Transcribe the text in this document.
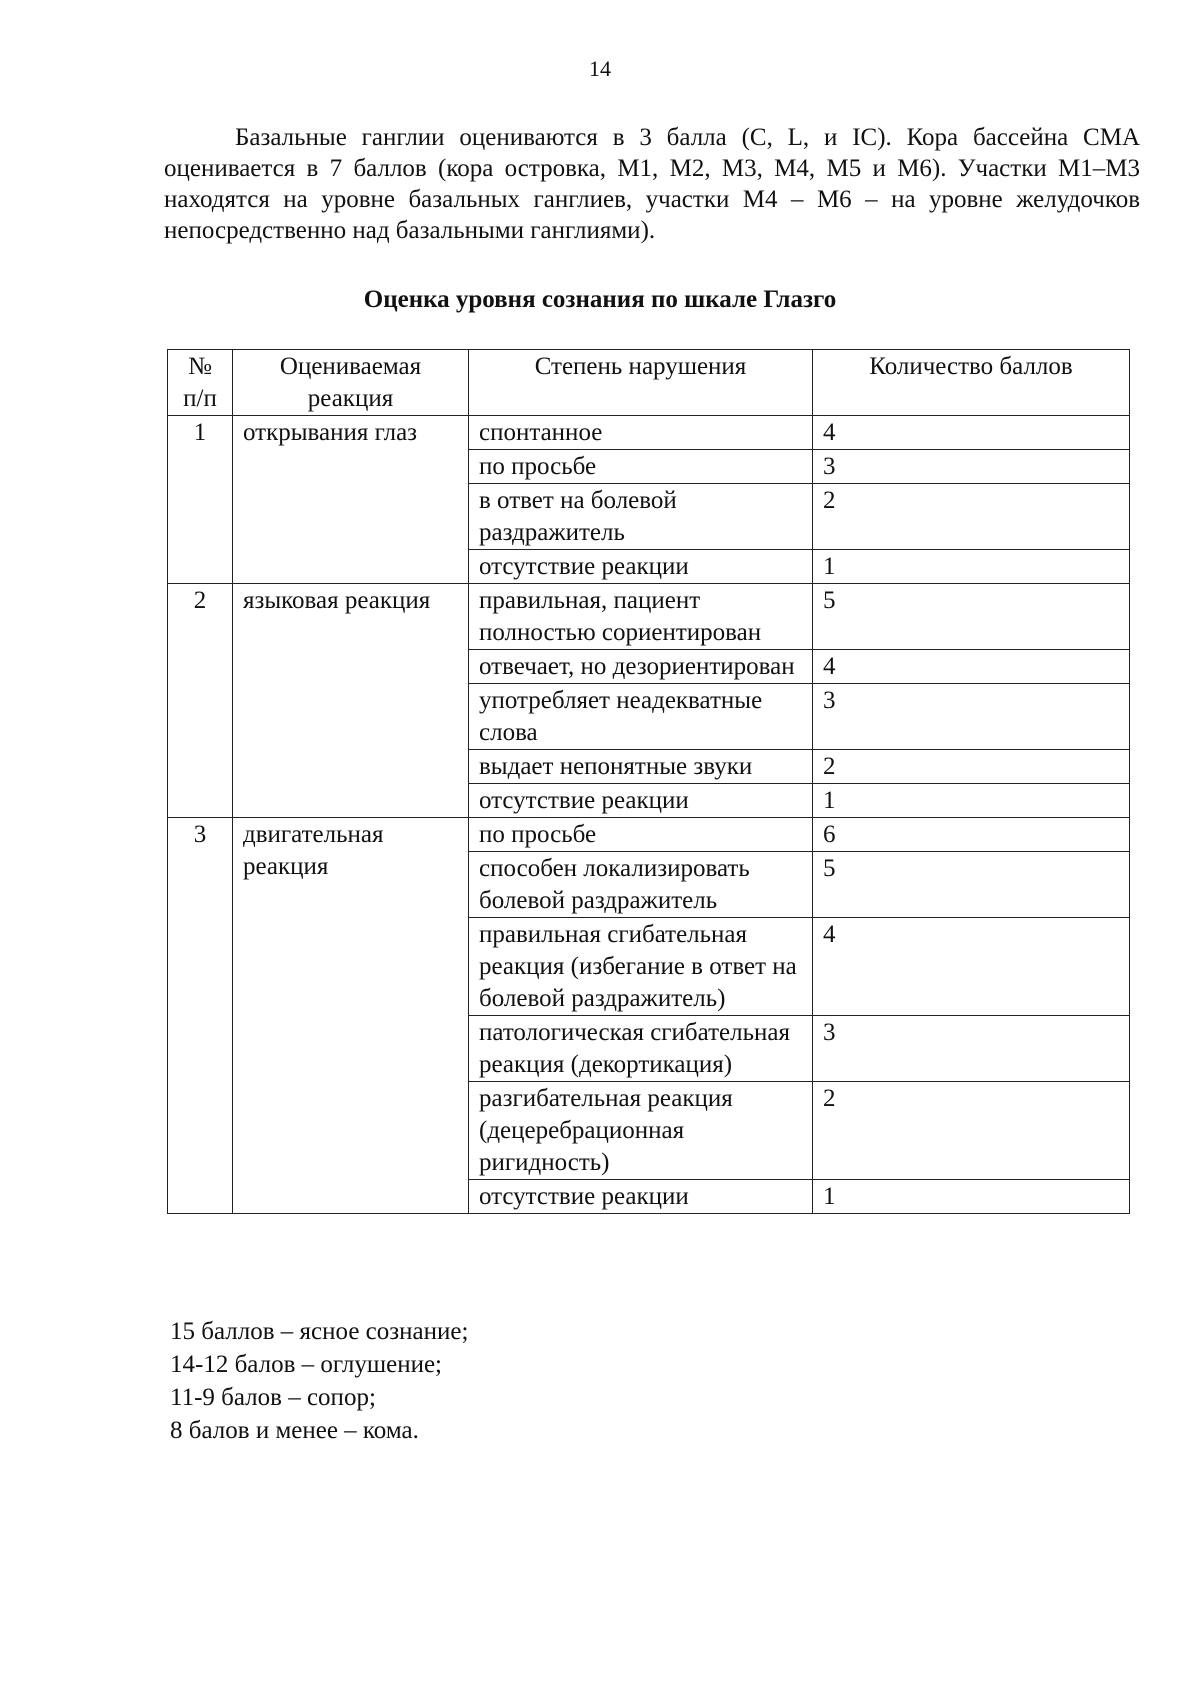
14

Базальные ганглии оцениваются в 3 балла (C, L, и IC). Кора бассейна СМА оценивается в 7 баллов (кора островка, M1, M2, M3, M4, M5 и M6). Участки M1–M3 находятся на уровне базальных ганглиев, участки M4 – M6 – на уровне желудочков непосредственно над базальными ганглиями).

Оценка уровня сознания по шкале Глазго
№ п/п	Оцениваемая реакция	Степень нарушения	Количество баллов
1	открывания глаз	спонтанное	4
		по просьбе	3
		в ответ на болевой раздражитель	2
		отсутствие реакции	1
2	языковая реакция	правильная, пациент полностью сориентирован	5
		отвечает, но дезориентирован	4
		употребляет неадекватные слова	3
		выдает непонятные звуки	2
		отсутствие реакции	1
3	двигательная реакция	по просьбе	6
		способен локализировать болевой раздражитель	5
		правильная сгибательная реакция (избегание в ответ на болевой раздражитель)	4
		патологическая сгибательная реакция (декортикация)	3
		разгибательная реакция (децеребрационная ригидность)	2
		отсутствие реакции	1
15 баллов – ясное сознание;
14-12 балов – оглушение;
11-9 балов – сопор;
8 балов и менее – кома.
